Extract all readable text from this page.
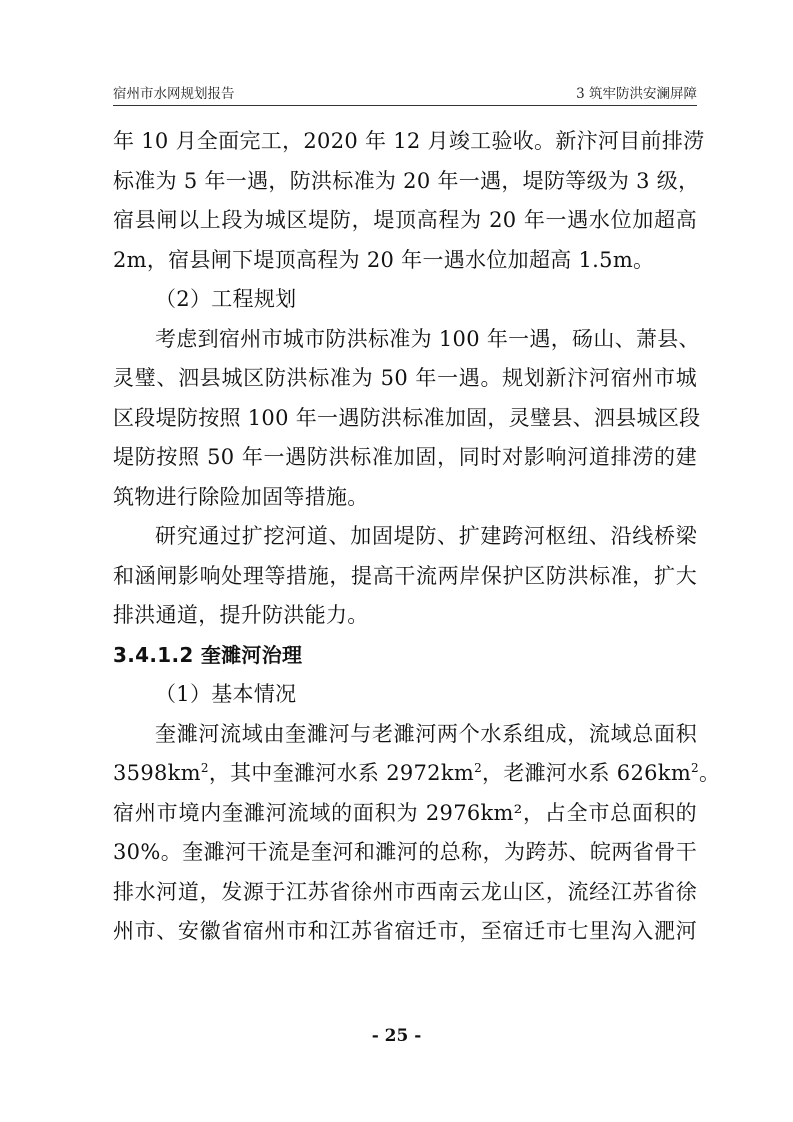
宿州市水网规划报告	3 筑牢防洪安澜屏障
年 10 月全面完工，2020 年 12 月竣工验收。新汴河目前排涝
标准为 5 年一遇，防洪标准为 20 年一遇，堤防等级为 3 级，
宿县闸以上段为城区堤防，堤顶高程为 20 年一遇水位加超高
2m，宿县闸下堤顶高程为 20 年一遇水位加超高 1.5m。
（2）工程规划
考虑到宿州市城市防洪标准为 100 年一遇，砀山、萧县、
灵璧、泗县城区防洪标准为 50 年一遇。规划新汴河宿州市城
区段堤防按照 100 年一遇防洪标准加固，灵璧县、泗县城区段
堤防按照 50 年一遇防洪标准加固，同时对影响河道排涝的建
筑物进行除险加固等措施。
研究通过扩挖河道、加固堤防、扩建跨河枢纽、沿线桥梁
和涵闸影响处理等措施，提高干流两岸保护区防洪标准，扩大
排洪通道，提升防洪能力。
3.4.1.2 奎濉河治理
（1）基本情况
奎濉河流域由奎濉河与老濉河两个水系组成，流域总面积
$3598km^2$，其中奎濉河水系 $2972km^2$，老濉河水系 $626km^2$。
宿州市境内奎濉河流域的面积为 2976km²，占全市总面积的
30%。奎濉河干流是奎河和濉河的总称，为跨苏、皖两省骨干
排水河道，发源于江苏省徐州市西南云龙山区，流经江苏省徐
州市、安徽省宿州市和江苏省宿迁市，至宿迁市七里沟入淝河
- 25 -
